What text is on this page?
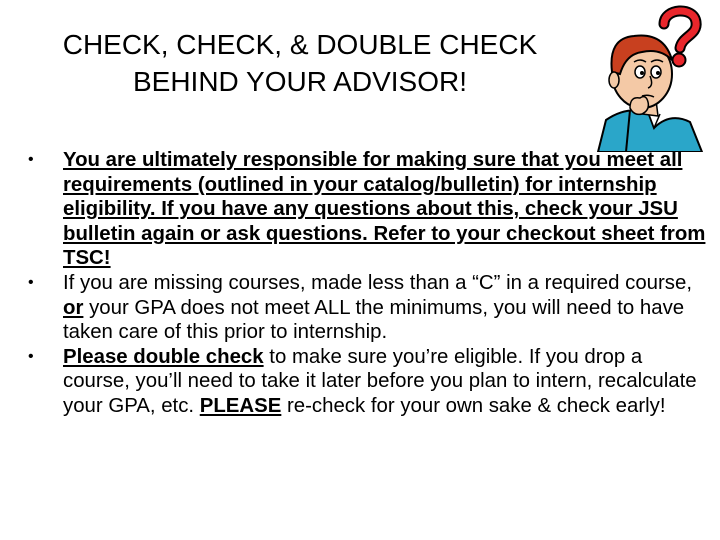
CHECK, CHECK, & DOUBLE CHECK
BEHIND YOUR ADVISOR!
• You are ultimately responsible for making sure that you meet all requirements (outlined in your catalog/bulletin) for internship eligibility. If you have any questions about this, check your JSU bulletin again or ask questions. Refer to your checkout sheet from TSC!
• If you are missing courses, made less than a “C” in a required course, or your GPA does not meet ALL the minimums, you will need to have taken care of this prior to internship.
• Please double check to make sure you’re eligible. If you drop a course, you’ll need to take it later before you plan to intern, recalculate your GPA, etc. PLEASE re-check for your own sake & check early!
